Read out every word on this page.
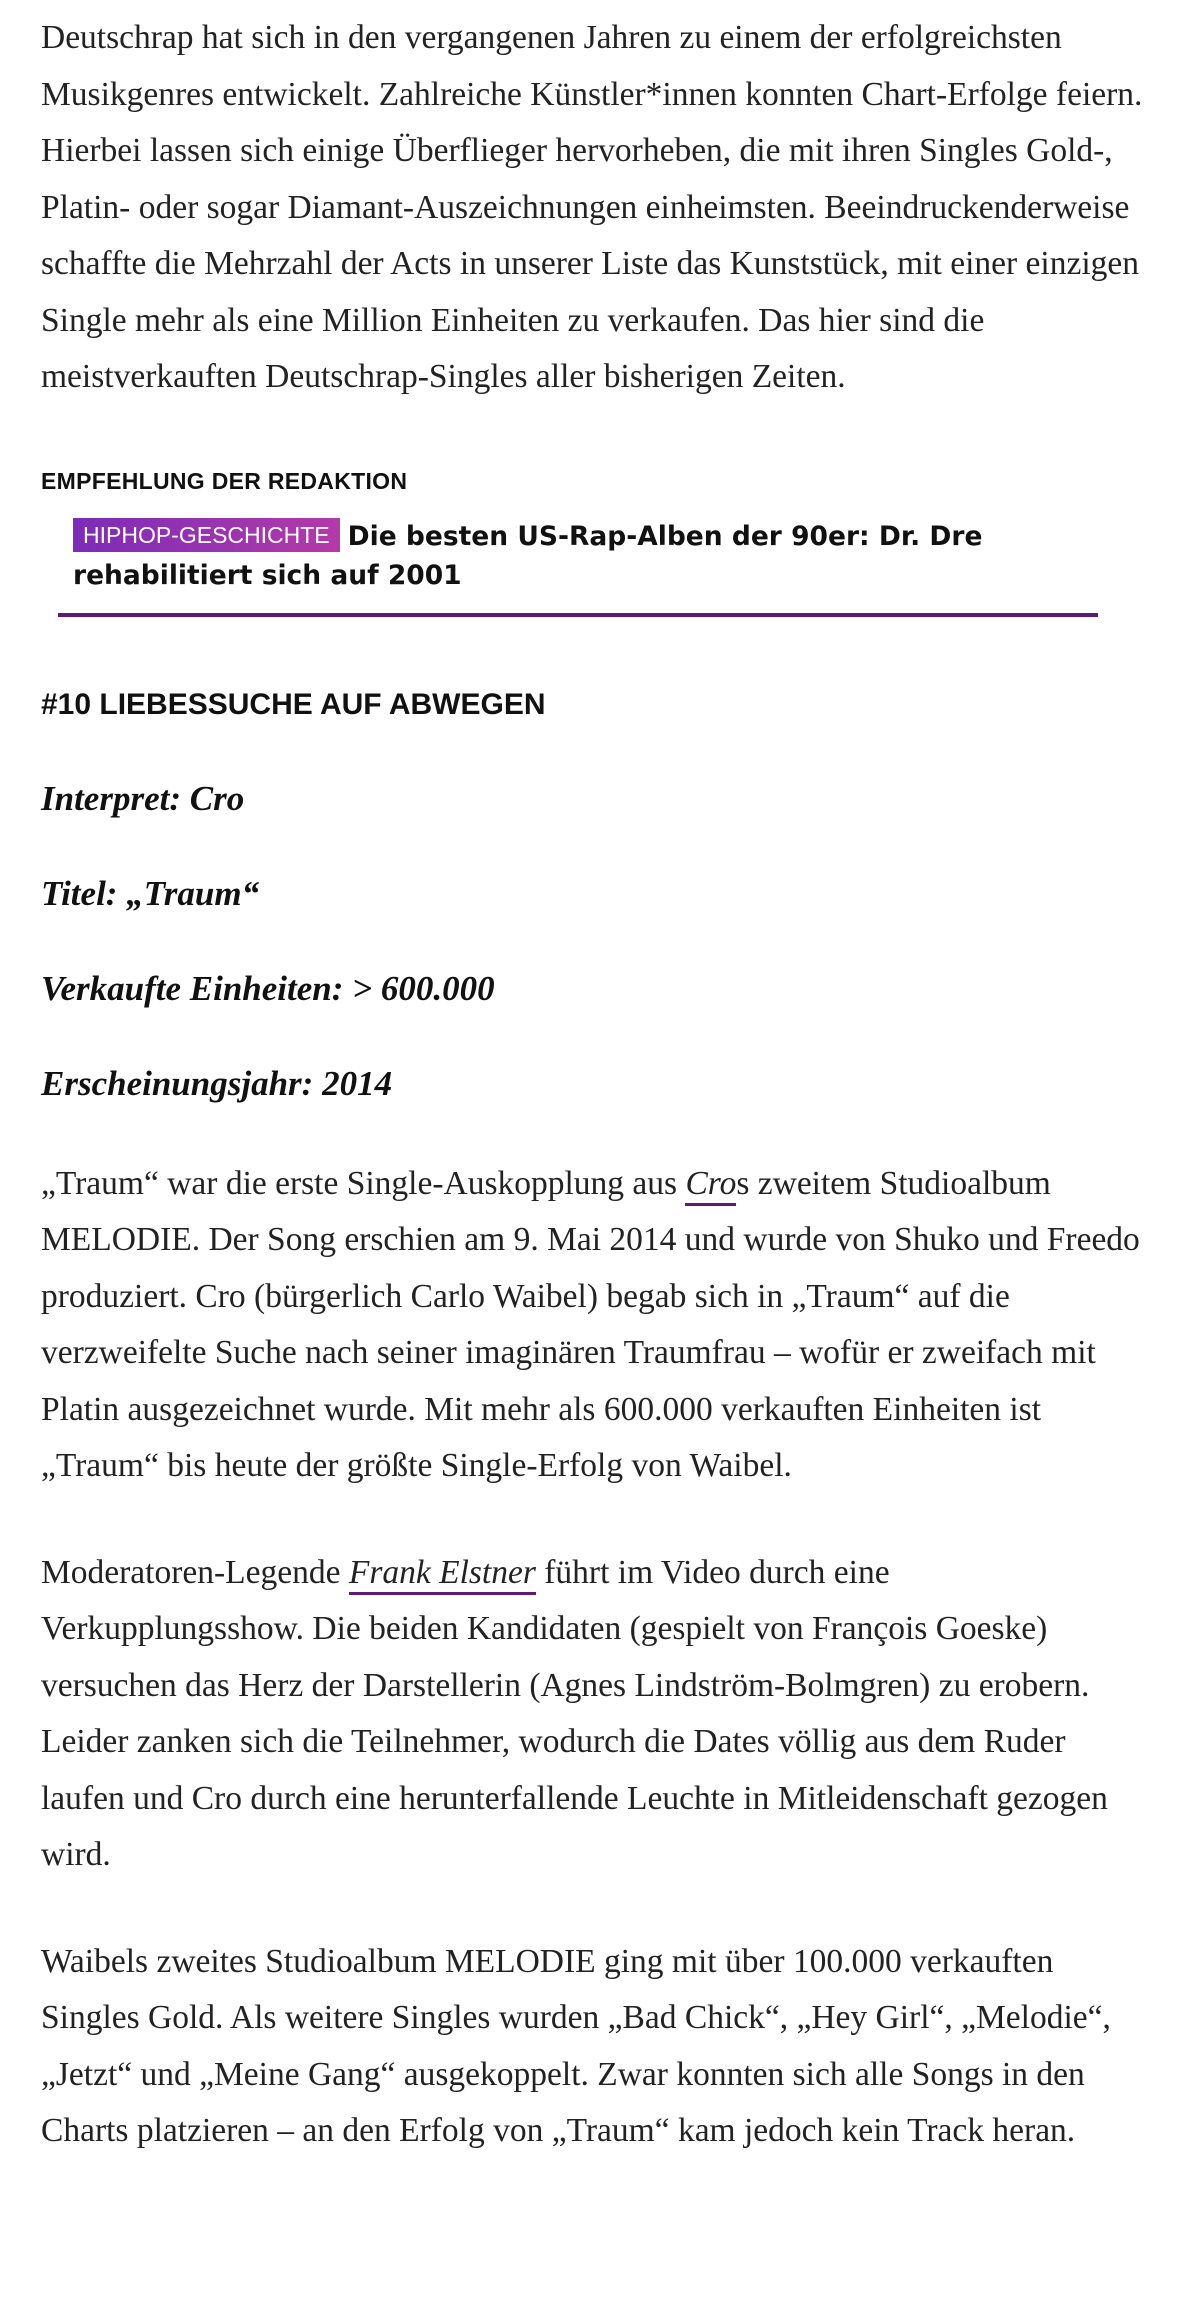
Deutschrap hat sich in den vergangenen Jahren zu einem der erfolgreichsten Musikgenres entwickelt. Zahlreiche Künstler*innen konnten Chart-Erfolge feiern. Hierbei lassen sich einige Überflieger hervorheben, die mit ihren Singles Gold-, Platin- oder sogar Diamant-Auszeichnungen einheimsten. Beeindruckenderweise schaffte die Mehrzahl der Acts in unserer Liste das Kunststück, mit einer einzigen Single mehr als eine Million Einheiten zu verkaufen. Das hier sind die meistverkauften Deutschrap-Singles aller bisherigen Zeiten.

EMPFEHLUNG DER REDAKTION
HIPHOP-GESCHICHTE Die besten US-Rap-Alben der 90er: Dr. Dre rehabilitiert sich auf 2001
#10 LIEBESSUCHE AUF ABWEGEN

Interpret: Cro

Titel: „Traum“

Verkaufte Einheiten: > 600.000

Erscheinungsjahr: 2014

„Traum“ war die erste Single-Auskopplung aus Cros zweitem Studioalbum MELODIE. Der Song erschien am 9. Mai 2014 und wurde von Shuko und Freedo produziert. Cro (bürgerlich Carlo Waibel) begab sich in „Traum“ auf die verzweifelte Suche nach seiner imaginären Traumfrau – wofür er zweifach mit Platin ausgezeichnet wurde. Mit mehr als 600.000 verkauften Einheiten ist „Traum“ bis heute der größte Single-Erfolg von Waibel.

Moderatoren-Legende Frank Elstner führt im Video durch eine Verkupplungsshow. Die beiden Kandidaten (gespielt von François Goeske) versuchen das Herz der Darstellerin (Agnes Lindström-Bolmgren) zu erobern. Leider zanken sich die Teilnehmer, wodurch die Dates völlig aus dem Ruder laufen und Cro durch eine herunterfallende Leuchte in Mitleidenschaft gezogen wird.

Waibels zweites Studioalbum MELODIE ging mit über 100.000 verkauften Singles Gold. Als weitere Singles wurden „Bad Chick“, „Hey Girl“, „Melodie“, „Jetzt“ und „Meine Gang“ ausgekoppelt. Zwar konnten sich alle Songs in den Charts platzieren – an den Erfolg von „Traum“ kam jedoch kein Track heran.
